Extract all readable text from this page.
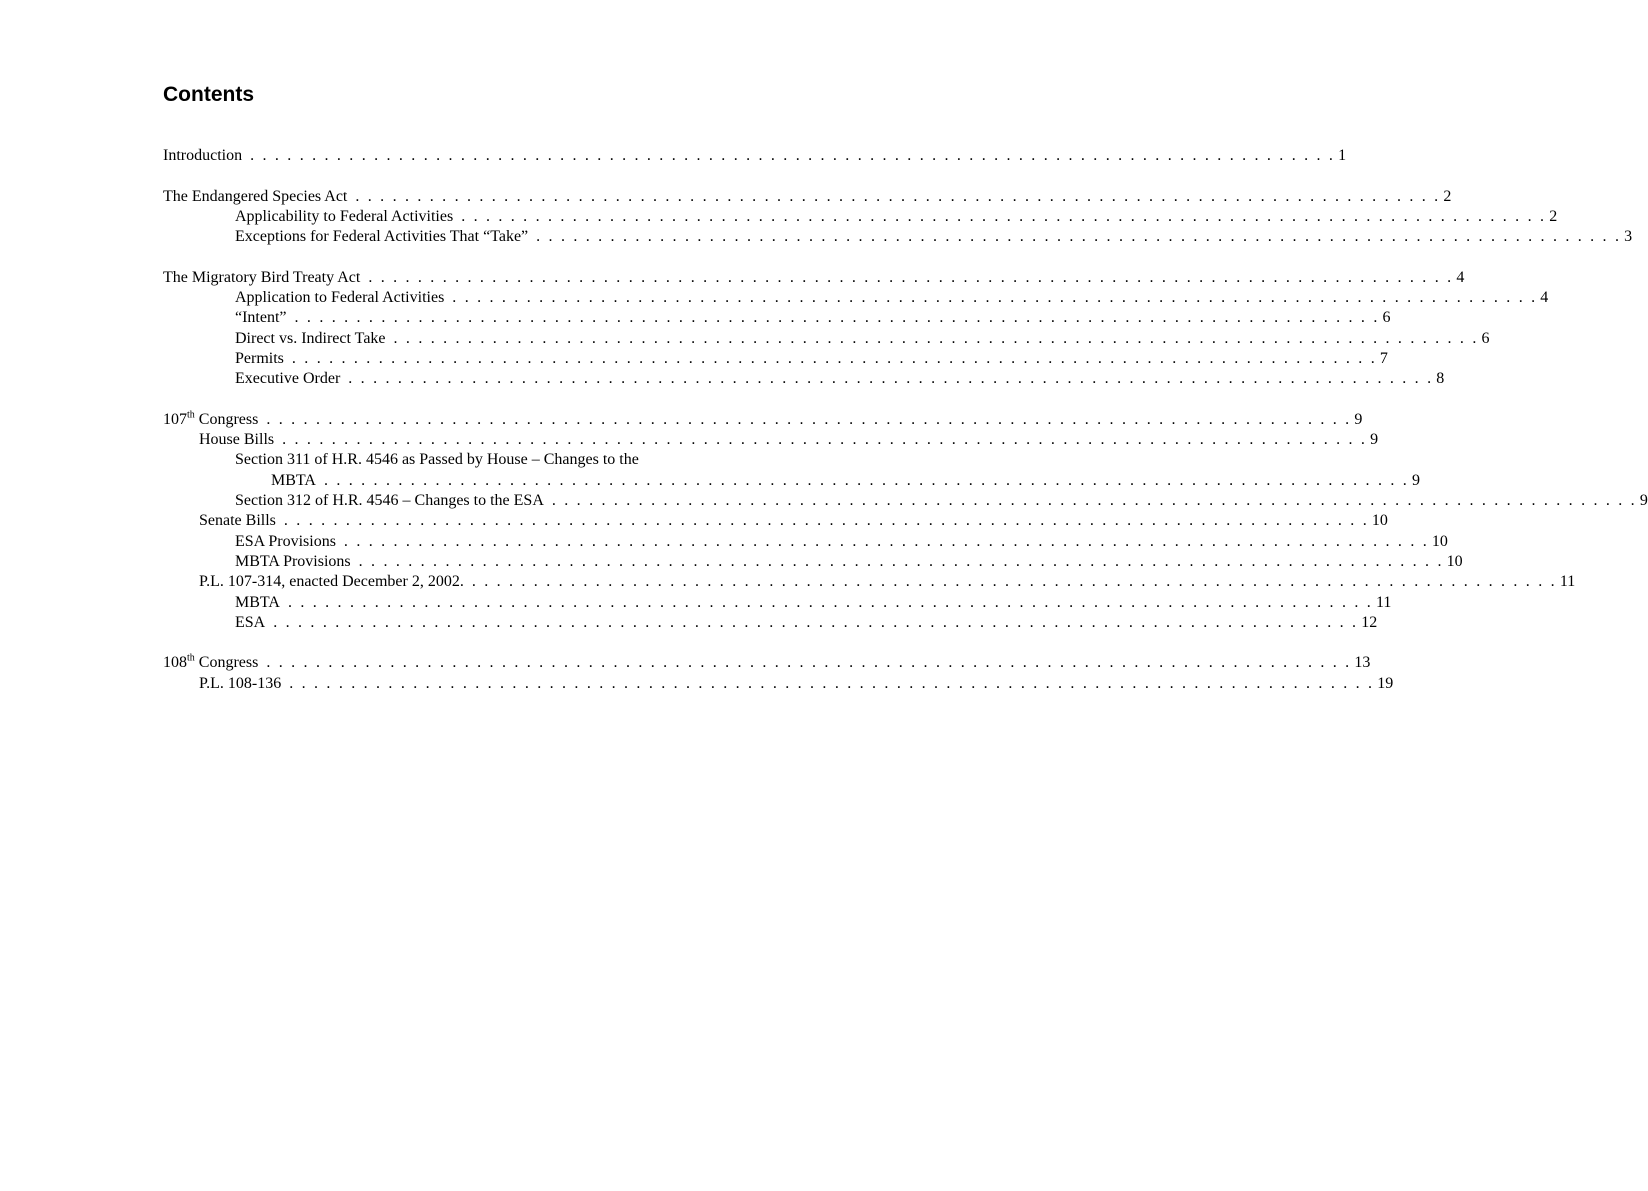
Contents
Introduction . . . . . . . . . . . . . . . . . . . . . . . . . . . . . . . . . . . . . . . . . . . . . . . . . . . . . . . . . . . . . . . . . . . . . . . . . . . . . . . . . . . . . . . . 1
The Endangered Species Act . . . . . . . . . . . . . . . . . . . . . . . . . . . . . . . . . . . . . . . . . . . . . . . . . . . . . . . . . . . . . . . . . . . . . . . . . . . . . . . . . . . . . . . . 2
Applicability to Federal Activities . . . . . . . . . . . . . . . . . . . . . . . . . . . . . . . . . . . . . . . . . . . . . . . . . . . . . . . . . . . . . . . . . . . . . . . . . . . . . . . . . . . . . . . . 2
Exceptions for Federal Activities That “Take” . . . . . . . . . . . . . . . . . . . . . . . . . . . . . . . . . . . . . . . . . . . . . . . . . . . . . . . . . . . . . . . . . . . . . . . . . . . . . . . . . . . . . . . . 3
The Migratory Bird Treaty Act . . . . . . . . . . . . . . . . . . . . . . . . . . . . . . . . . . . . . . . . . . . . . . . . . . . . . . . . . . . . . . . . . . . . . . . . . . . . . . . . . . . . . . . . 4
Application to Federal Activities . . . . . . . . . . . . . . . . . . . . . . . . . . . . . . . . . . . . . . . . . . . . . . . . . . . . . . . . . . . . . . . . . . . . . . . . . . . . . . . . . . . . . . . . 4
“Intent” . . . . . . . . . . . . . . . . . . . . . . . . . . . . . . . . . . . . . . . . . . . . . . . . . . . . . . . . . . . . . . . . . . . . . . . . . . . . . . . . . . . . . . . . 6
Direct vs. Indirect Take . . . . . . . . . . . . . . . . . . . . . . . . . . . . . . . . . . . . . . . . . . . . . . . . . . . . . . . . . . . . . . . . . . . . . . . . . . . . . . . . . . . . . . . . 6
Permits . . . . . . . . . . . . . . . . . . . . . . . . . . . . . . . . . . . . . . . . . . . . . . . . . . . . . . . . . . . . . . . . . . . . . . . . . . . . . . . . . . . . . . . . 7
Executive Order . . . . . . . . . . . . . . . . . . . . . . . . . . . . . . . . . . . . . . . . . . . . . . . . . . . . . . . . . . . . . . . . . . . . . . . . . . . . . . . . . . . . . . . . 8
107th Congress . . . . . . . . . . . . . . . . . . . . . . . . . . . . . . . . . . . . . . . . . . . . . . . . . . . . . . . . . . . . . . . . . . . . . . . . . . . . . . . . . . . . . . . . 9
House Bills . . . . . . . . . . . . . . . . . . . . . . . . . . . . . . . . . . . . . . . . . . . . . . . . . . . . . . . . . . . . . . . . . . . . . . . . . . . . . . . . . . . . . . . . 9
Section 311 of H.R. 4546 as Passed by House – Changes to the
MBTA . . . . . . . . . . . . . . . . . . . . . . . . . . . . . . . . . . . . . . . . . . . . . . . . . . . . . . . . . . . . . . . . . . . . . . . . . . . . . . . . . . . . . . . . 9
Section 312 of H.R. 4546 – Changes to the ESA . . . . . . . . . . . . . . . . . . . . . . . . . . . . . . . . . . . . . . . . . . . . . . . . . . . . . . . . . . . . . . . . . . . . . . . . . . . . . . . . . . . . . . . . 9
Senate Bills . . . . . . . . . . . . . . . . . . . . . . . . . . . . . . . . . . . . . . . . . . . . . . . . . . . . . . . . . . . . . . . . . . . . . . . . . . . . . . . . . . . . . . . . 10
ESA Provisions . . . . . . . . . . . . . . . . . . . . . . . . . . . . . . . . . . . . . . . . . . . . . . . . . . . . . . . . . . . . . . . . . . . . . . . . . . . . . . . . . . . . . . . . 10
MBTA Provisions . . . . . . . . . . . . . . . . . . . . . . . . . . . . . . . . . . . . . . . . . . . . . . . . . . . . . . . . . . . . . . . . . . . . . . . . . . . . . . . . . . . . . . . . 10
P.L. 107-314, enacted December 2, 2002. . . . . . . . . . . . . . . . . . . . . . . . . . . . . . . . . . . . . . . . . . . . . . . . . . . . . . . . . . . . . . . . . . . . . . . . . . . . . . . . . . . . . . . . . 11
MBTA . . . . . . . . . . . . . . . . . . . . . . . . . . . . . . . . . . . . . . . . . . . . . . . . . . . . . . . . . . . . . . . . . . . . . . . . . . . . . . . . . . . . . . . . 11
ESA . . . . . . . . . . . . . . . . . . . . . . . . . . . . . . . . . . . . . . . . . . . . . . . . . . . . . . . . . . . . . . . . . . . . . . . . . . . . . . . . . . . . . . . . 12
108th Congress . . . . . . . . . . . . . . . . . . . . . . . . . . . . . . . . . . . . . . . . . . . . . . . . . . . . . . . . . . . . . . . . . . . . . . . . . . . . . . . . . . . . . . . . 13
P.L. 108-136 . . . . . . . . . . . . . . . . . . . . . . . . . . . . . . . . . . . . . . . . . . . . . . . . . . . . . . . . . . . . . . . . . . . . . . . . . . . . . . . . . . . . . . . . 19
